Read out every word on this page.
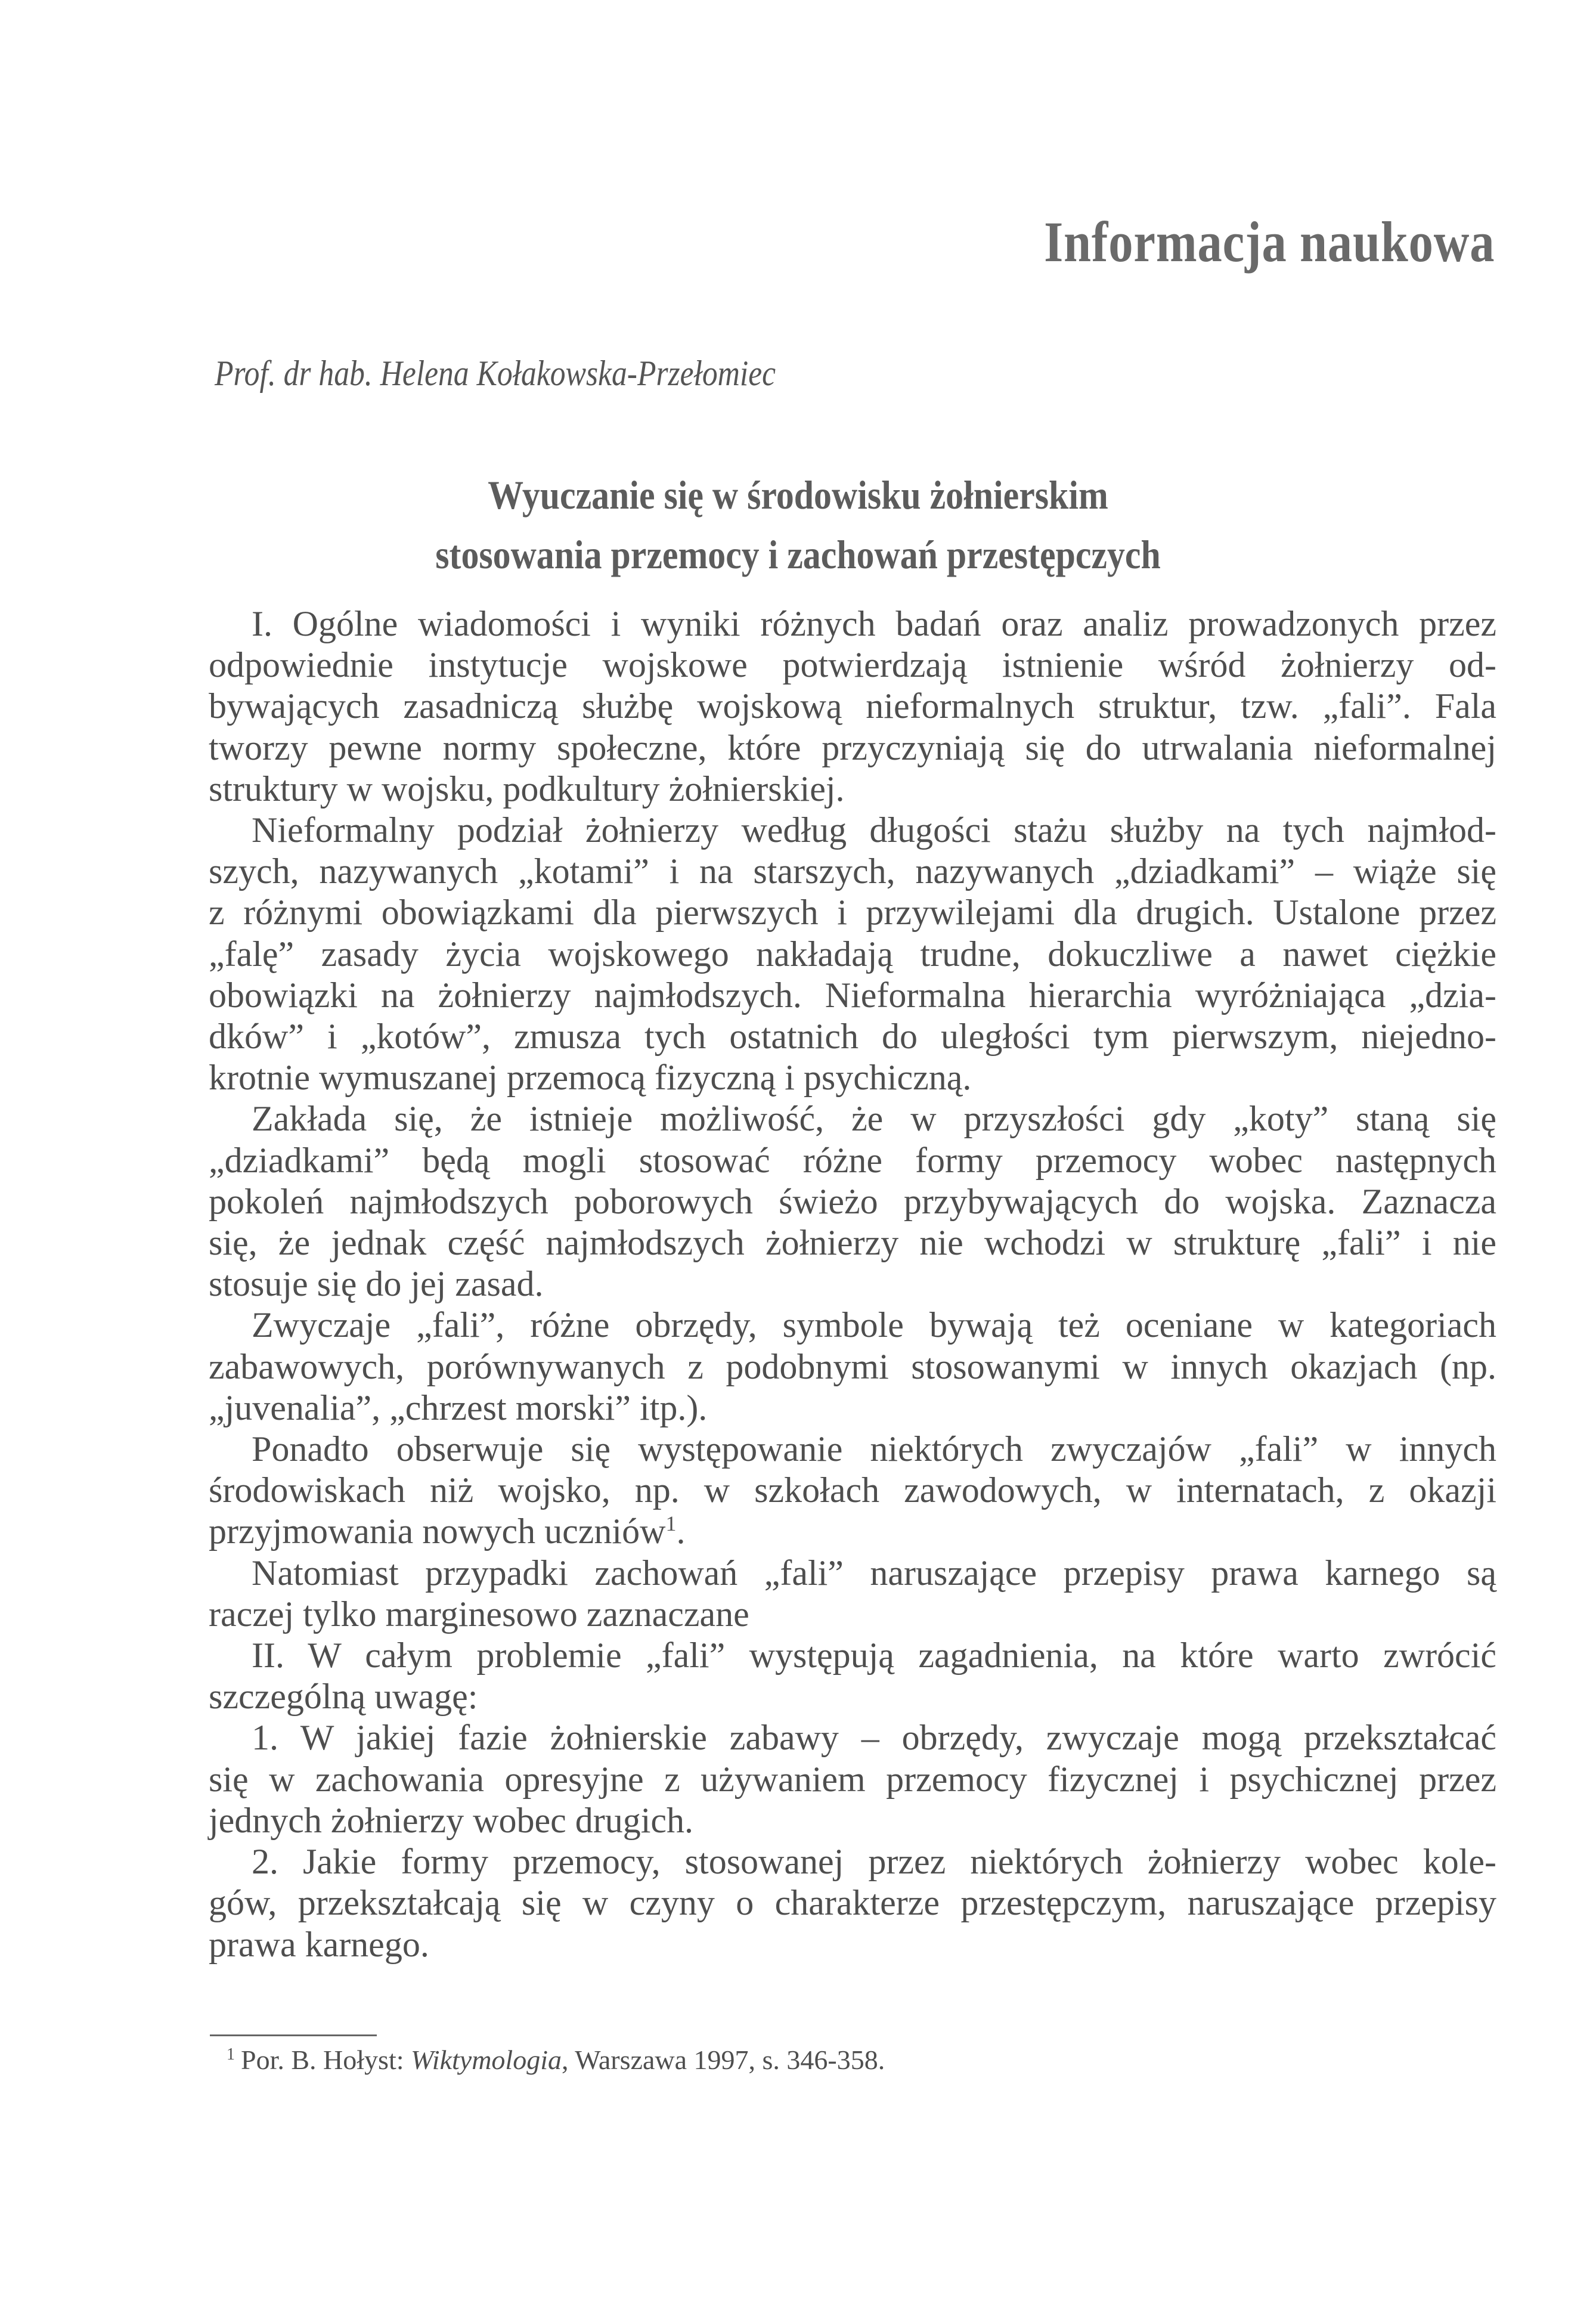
Informacja naukowa

Prof. dr hab. Helena Kołakowska-Przełomiec

Wyuczanie się w środowisku żołnierskim
stosowania przemocy i zachowań przestępczych
I. Ogólne wiadomości i wyniki różnych badań oraz analiz prowadzonych przez
odpowiednie instytucje wojskowe potwierdzają istnienie wśród żołnierzy od-
bywających zasadniczą służbę wojskową nieformalnych struktur, tzw. „fali”. Fala
tworzy pewne normy społeczne, które przyczyniają się do utrwalania nieformalnej
struktury w wojsku, podkultury żołnierskiej.
Nieformalny podział żołnierzy według długości stażu służby na tych najmłod-
szych, nazywanych „kotami” i na starszych, nazywanych „dziadkami” – wiąże się
z różnymi obowiązkami dla pierwszych i przywilejami dla drugich. Ustalone przez
„falę” zasady życia wojskowego nakładają trudne, dokuczliwe a nawet ciężkie
obowiązki na żołnierzy najmłodszych. Nieformalna hierarchia wyróżniająca „dzia-
dków” i „kotów”, zmusza tych ostatnich do uległości tym pierwszym, niejedno-
krotnie wymuszanej przemocą fizyczną i psychiczną.
Zakłada się, że istnieje możliwość, że w przyszłości gdy „koty” staną się
„dziadkami” będą mogli stosować różne formy przemocy wobec następnych
pokoleń najmłodszych poborowych świeżo przybywających do wojska. Zaznacza
się, że jednak część najmłodszych żołnierzy nie wchodzi w strukturę „fali” i nie
stosuje się do jej zasad.
Zwyczaje „fali”, różne obrzędy, symbole bywają też oceniane w kategoriach
zabawowych, porównywanych z podobnymi stosowanymi w innych okazjach (np.
„juvenalia”, „chrzest morski” itp.).
Ponadto obserwuje się występowanie niektórych zwyczajów „fali” w innych
środowiskach niż wojsko, np. w szkołach zawodowych, w internatach, z okazji
przyjmowania nowych uczniów$^1$.
Natomiast przypadki zachowań „fali” naruszające przepisy prawa karnego są
raczej tylko marginesowo zaznaczane
II. W całym problemie „fali” występują zagadnienia, na które warto zwrócić
szczególną uwagę:
1. W jakiej fazie żołnierskie zabawy – obrzędy, zwyczaje mogą przekształcać
się w zachowania opresyjne z używaniem przemocy fizycznej i psychicznej przez
jednych żołnierzy wobec drugich.
2. Jakie formy przemocy, stosowanej przez niektórych żołnierzy wobec kole-
gów, przekształcają się w czyny o charakterze przestępczym, naruszające przepisy
prawa karnego.

$^1$ Por. B. Hołyst: Wiktymologia, Warszawa 1997, s. 346-358.
